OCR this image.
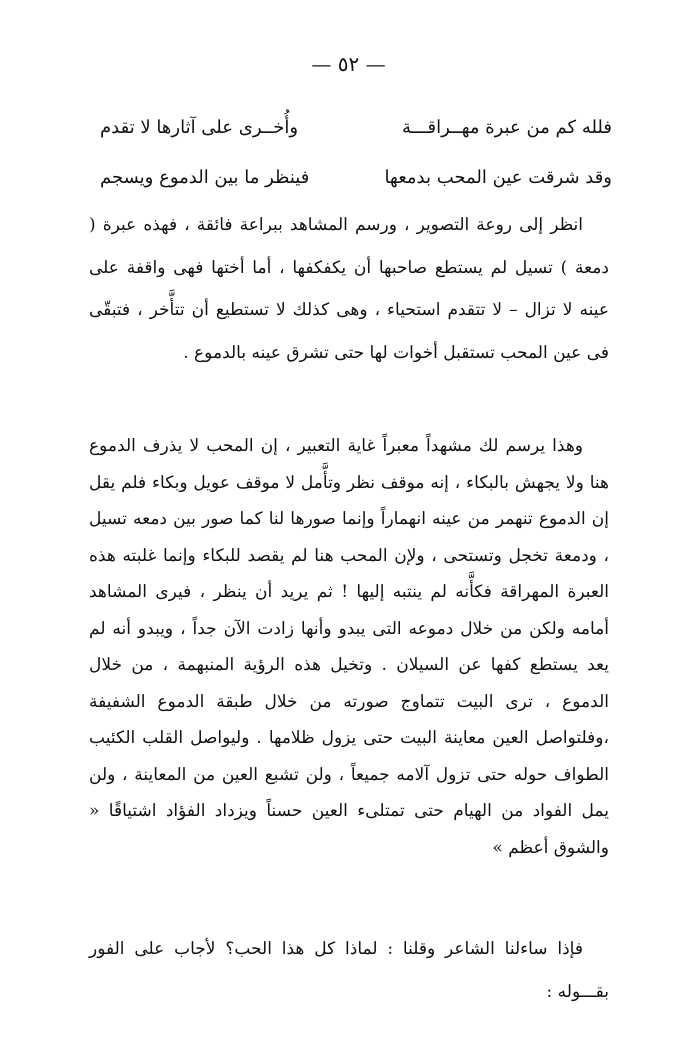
— ٥٢ —
فلله كم من عبرة مهــراقـــة
وأُخــرى على آثارها لا تقدم
وقد شرقت عين المحب بدمعها
فينظر ما بين الدموع ويسجم

انظر إلى روعة التصوير ، ورسم المشاهد ببراعة فائقة ، فهذه عبرة ( دمعة ) تسيل لم يستطع صاحبها أن يكفكفها ، أما أختها فهى واقفة على عينه لا تزال – لا تتقدم استحياء ، وهى كذلك لا تستطيع أن تتأَّخر ، فتبقّى فى عين المحب تستقبل أخوات لها حتى تشرق عينه بالدموع .

وهذا يرسم لك مشهداً معبراً غاية التعبير ، إن المحب لا يذرف الدموع هنا ولا يجهش بالبكاء ، إنه موقف نظر وتأَّمل لا موقف عويل وبكاء فلم يقل إن الدموع تنهمر من عينه انهماراً وإنما صورها لنا كما صور بين دمعه تسيل ، ودمعة تخجل وتستحى ، ولإن المحب هنا لم يقصد للبكاء وإنما غلبته هذه العبرة المهراقة فكأَّنه لم ينتبه إليها ! ثم يريد أن ينظر ، فيرى المشاهد أمامه ولكن من خلال دموعه التى يبدو وأنها زادت الآن جداً ، ويبدو أنه لم يعد يستطع كفها عن السيلان . وتخيل هذه الرؤية المنبهمة ، من خلال الدموع ، ترى البيت تتماوج صورته من خلال طبقة الدموع الشفيفة ،وفلتواصل العين معاينة البيت حتى يزول ظلامها . وليواصل القلب الكئيب الطواف حوله حتى تزول آلامه جميعاً ، ولن تشبع العين من المعاينة ، ولن يمل الفواد من الهيام حتى تمتلىء العين حسناً ويزداد الفؤاد اشتياقًا « والشوق أعظم »

فإذا ساءلنا الشاعر وقلنا : لماذا كل هذا الحب؟ لأجاب على الفور بقـــوله :
